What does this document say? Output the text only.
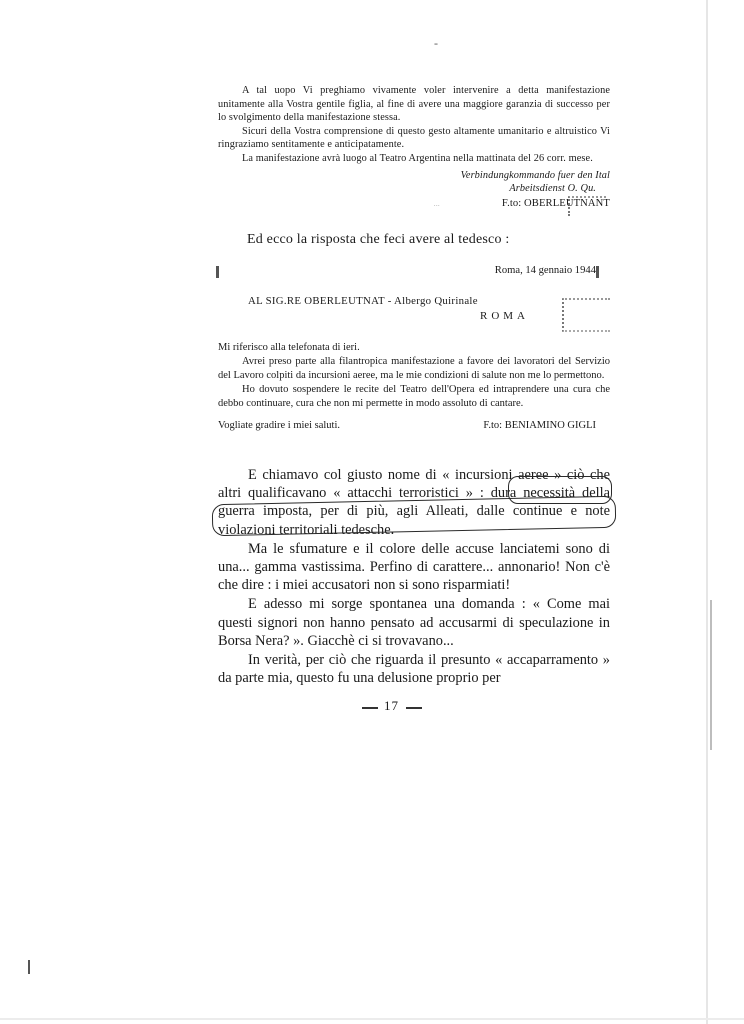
-

A tal uopo Vi preghiamo vivamente voler intervenire a detta manifestazione unitamente alla Vostra gentile figlia, al fine di avere una maggiore garanzia di successo per lo svolgimento della manifestazione stessa.

Sicuri della Vostra comprensione di questo gesto altamente umanitario e altruistico Vi ringraziamo sentitamente e anticipatamente.

La manifestazione avrà luogo al Teatro Argentina nella mattinata del 26 corr. mese.

Verbindungkommando fuer den Ital
Arbeitsdienst O. Qu.
...	F.to: OBERLEUTNANT
Ed ecco la risposta che feci avere al tedesco :
Roma, 14 gennaio 1944
AL SIG.RE OBERLEUTNAT - Albergo Quirinale
ROMA

Mi riferisco alla telefonata di ieri.

Avrei preso parte alla filantropica manifestazione a favore dei lavoratori del Servizio del Lavoro colpiti da incursioni aeree, ma le mie condizioni di salute non me lo permettono.

Ho dovuto sospendere le recite del Teatro dell'Opera ed intraprendere una cura che debbo continuare, cura che non mi permette in modo assoluto di cantare.

Vogliate gradire i miei saluti.	F.to: BENIAMINO GIGLI

E chiamavo col giusto nome di « incursioni aeree » ciò che altri qualificavano « attacchi terroristici » : dura necessità della guerra imposta, per di più, agli Alleati, dalle continue e note violazioni territoriali tedesche.

Ma le sfumature e il colore delle accuse lanciatemi sono di una... gamma vastissima. Perfino di carattere... annonario! Non c'è che dire : i miei accusatori non si sono risparmiati!

E adesso mi sorge spontanea una domanda : « Come mai questi signori non hanno pensato ad accusarmi di speculazione in Borsa Nera? ». Giacchè ci si trovavano...

In verità, per ciò che riguarda il presunto « accaparramento » da parte mia, questo fu una delusione proprio per

17
